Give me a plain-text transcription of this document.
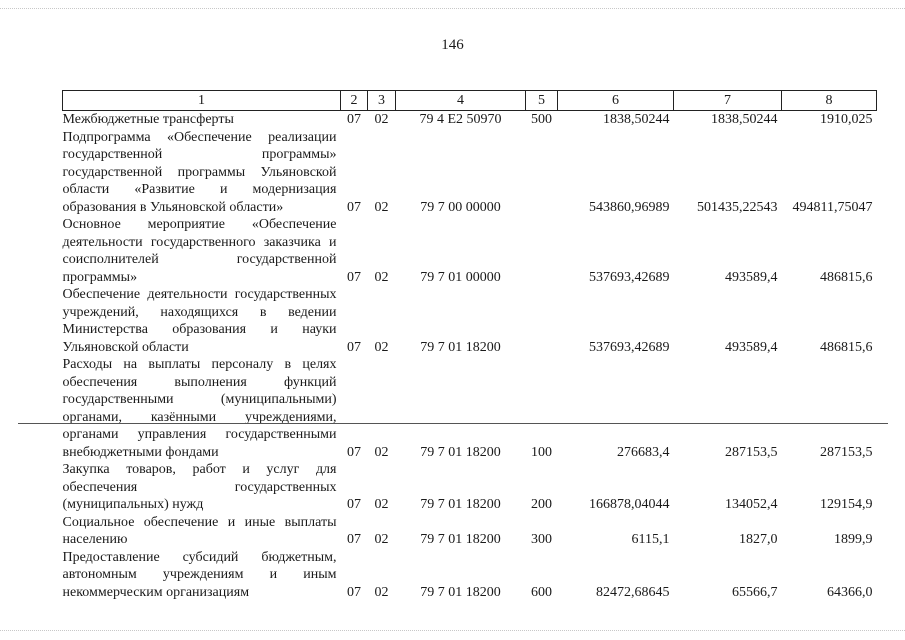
146
1	2	3	4	5	6	7	8
Межбюджетные трансферты	07	02	79 4 E2 50970	500	1838,50244	1838,50244	1910,025
Подпрограмма «Обеспечение реализации государственной программы» государственной программы Ульяновской области «Развитие и модернизация образования в Ульяновской области»	07	02	79 7 00 00000		543860,96989	501435,22543	494811,75047
Основное мероприятие «Обеспечение деятельности государственного заказчика и соисполнителей государственной программы»	07	02	79 7 01 00000		537693,42689	493589,4	486815,6
Обеспечение деятельности государственных учреждений, находящихся в ведении Министерства образования и науки Ульяновской области	07	02	79 7 01 18200		537693,42689	493589,4	486815,6
Расходы на выплаты персоналу в целях обеспечения выполнения функций государственными (муниципальными) органами, казёнными учреждениями, органами управления государственными внебюджетными фондами	07	02	79 7 01 18200	100	276683,4	287153,5	287153,5
Закупка товаров, работ и услуг для обеспечения государственных (муниципальных) нужд	07	02	79 7 01 18200	200	166878,04044	134052,4	129154,9
Социальное обеспечение и иные выплаты населению	07	02	79 7 01 18200	300	6115,1	1827,0	1899,9
Предоставление субсидий бюджетным, автономным учреждениям и иным некоммерческим организациям	07	02	79 7 01 18200	600	82472,68645	65566,7	64366,0
